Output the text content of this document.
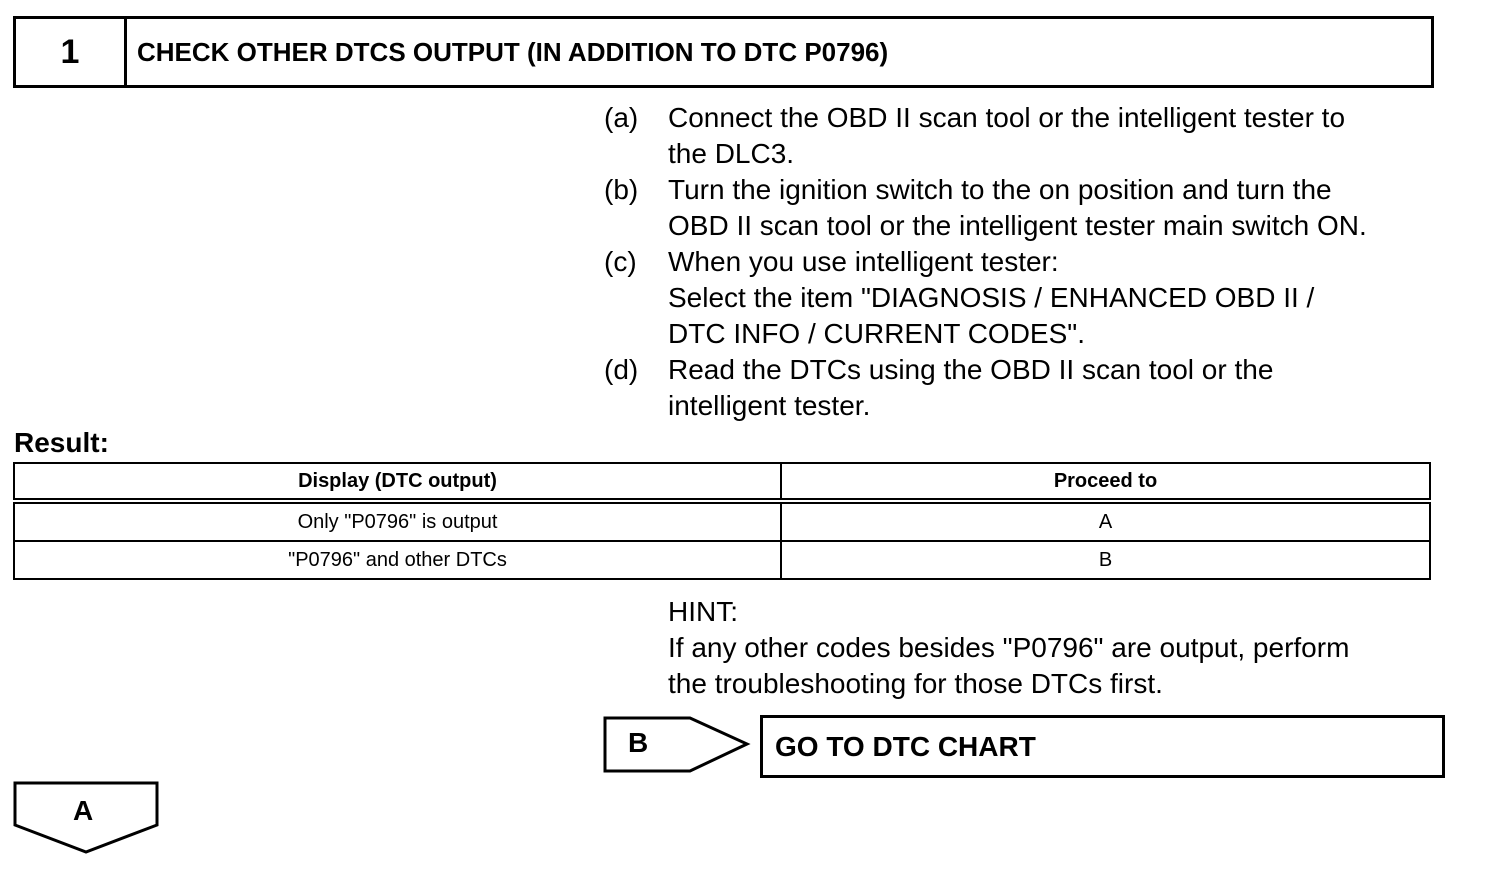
1	CHECK OTHER DTCS OUTPUT (IN ADDITION TO DTC P0796)
(a)	Connect the OBD II scan tool or the intelligent tester to
the DLC3.
(b)	Turn the ignition switch to the on position and turn the
OBD II scan tool or the intelligent tester main switch ON.
(c)	When you use intelligent tester:
Select the item "DIAGNOSIS / ENHANCED OBD II /
DTC INFO / CURRENT CODES".
(d)	Read the DTCs using the OBD II scan tool or the
intelligent tester.
Result:
Display (DTC output)	Proceed to
Only "P0796" is output	A
"P0796" and other DTCs	B
HINT:
If any other codes besides "P0796" are output, perform
the troubleshooting for those DTCs first.
B	GO TO DTC CHART
A
